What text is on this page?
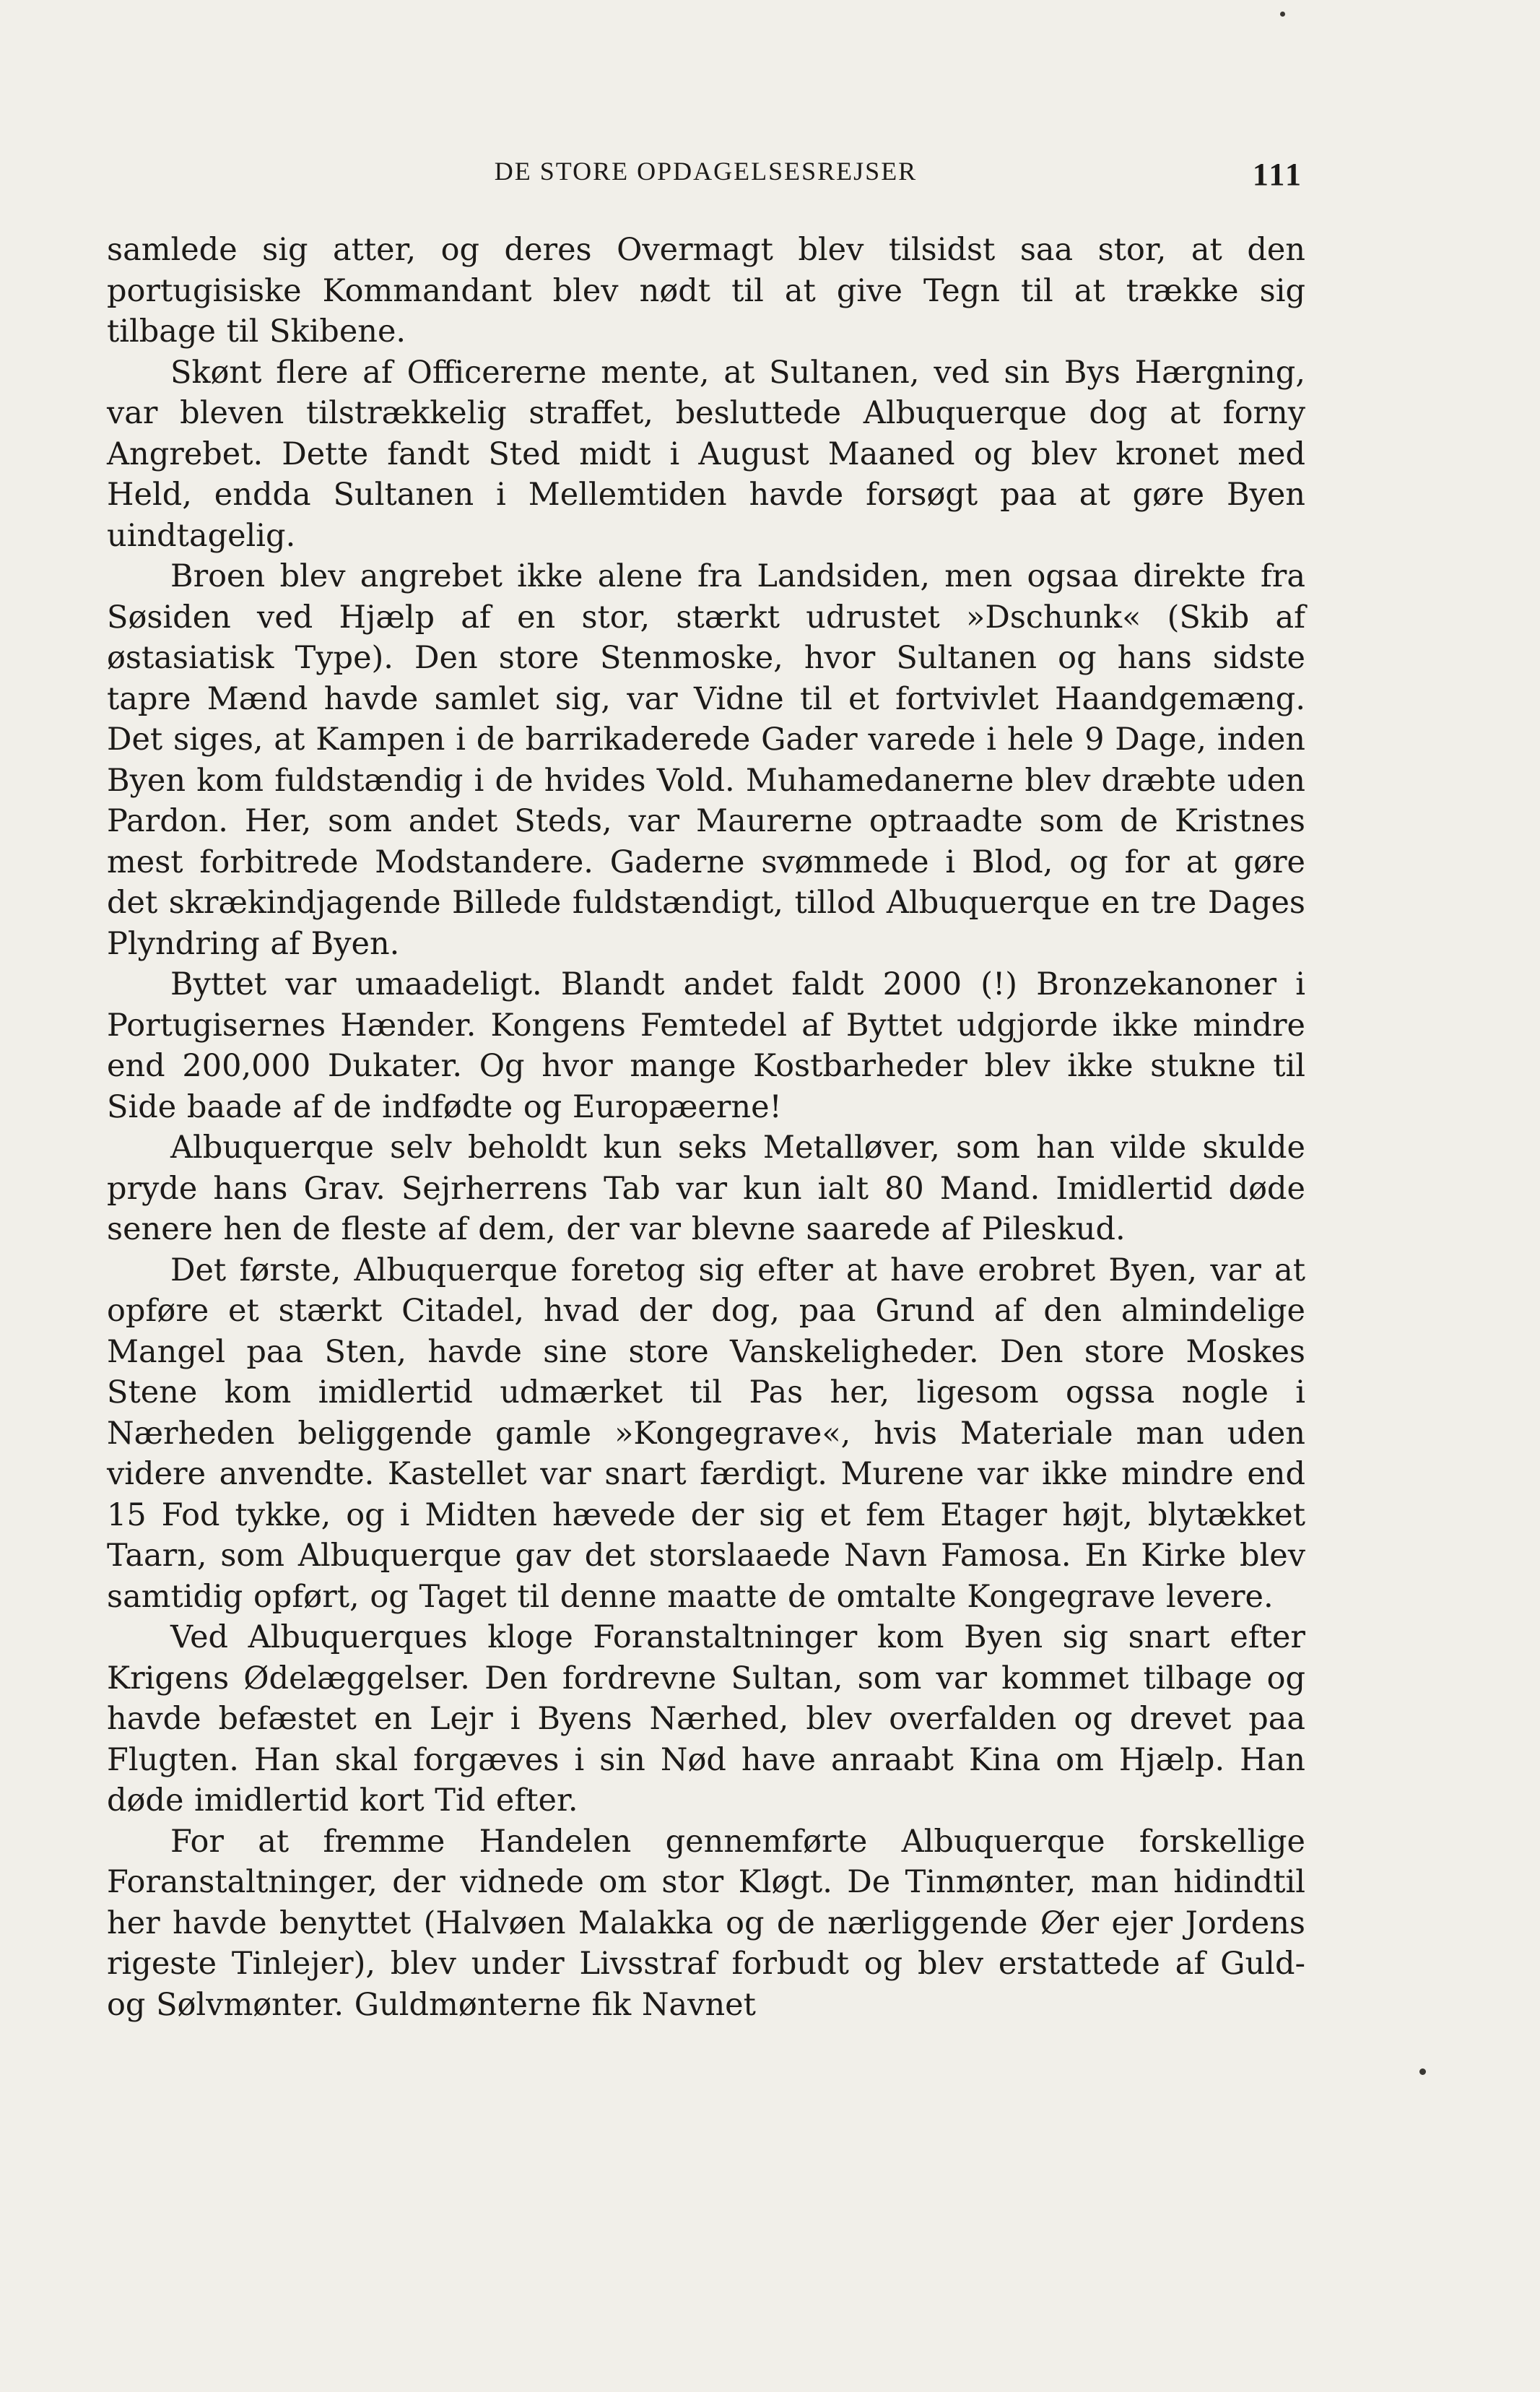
DE STORE OPDAGELSESREJSER	111

samlede sig atter, og deres Overmagt blev tilsidst saa stor, at den portugisiske Kommandant blev nødt til at give Tegn til at trække sig tilbage til Skibene.

Skønt flere af Officererne mente, at Sultanen, ved sin Bys Hærgning, var bleven tilstrækkelig straffet, besluttede Albuquerque dog at forny Angrebet. Dette fandt Sted midt i August Maaned og blev kronet med Held, endda Sultanen i Mellemtiden havde forsøgt paa at gøre Byen uindtagelig.

Broen blev angrebet ikke alene fra Landsiden, men ogsaa direkte fra Søsiden ved Hjælp af en stor, stærkt udrustet »Dschunk« (Skib af østasiatisk Type). Den store Stenmoske, hvor Sultanen og hans sidste tapre Mænd havde samlet sig, var Vidne til et fortvivlet Haandgemæng. Det siges, at Kampen i de barrikaderede Gader varede i hele 9 Dage, inden Byen kom fuldstændig i de hvides Vold. Muhamedanerne blev dræbte uden Pardon. Her, som andet Steds, var Maurerne optraadte som de Kristnes mest forbitrede Modstandere. Gaderne svømmede i Blod, og for at gøre det skrækindjagende Billede fuldstændigt, tillod Albuquerque en tre Dages Plyndring af Byen.

Byttet var umaadeligt. Blandt andet faldt 2000 (!) Bronzekanoner i Portugisernes Hænder. Kongens Femtedel af Byttet udgjorde ikke mindre end 200,000 Dukater. Og hvor mange Kostbarheder blev ikke stukne til Side baade af de indfødte og Europæerne!

Albuquerque selv beholdt kun seks Metalløver, som han vilde skulde pryde hans Grav. Sejrherrens Tab var kun ialt 80 Mand. Imidlertid døde senere hen de fleste af dem, der var blevne saarede af Pileskud.

Det første, Albuquerque foretog sig efter at have erobret Byen, var at opføre et stærkt Citadel, hvad der dog, paa Grund af den almindelige Mangel paa Sten, havde sine store Vanskeligheder. Den store Moskes Stene kom imidlertid udmærket til Pas her, ligesom ogssa nogle i Nærheden beliggende gamle »Kongegrave«, hvis Materiale man uden videre anvendte. Kastellet var snart færdigt. Murene var ikke mindre end 15 Fod tykke, og i Midten hævede der sig et fem Etager højt, blytækket Taarn, som Albuquerque gav det storslaaede Navn Famosa. En Kirke blev samtidig opført, og Taget til denne maatte de omtalte Kongegrave levere.

Ved Albuquerques kloge Foranstaltninger kom Byen sig snart efter Krigens Ødelæggelser. Den fordrevne Sultan, som var kommet tilbage og havde befæstet en Lejr i Byens Nærhed, blev overfalden og drevet paa Flugten. Han skal forgæves i sin Nød have anraabt Kina om Hjælp. Han døde imidlertid kort Tid efter.

For at fremme Handelen gennemførte Albuquerque forskellige Foranstaltninger, der vidnede om stor Kløgt. De Tinmønter, man hidindtil her havde benyttet (Halvøen Malakka og de nærliggende Øer ejer Jordens rigeste Tinlejer), blev under Livsstraf forbudt og blev erstattede af Guld- og Sølvmønter. Guldmønterne fik Navnet
